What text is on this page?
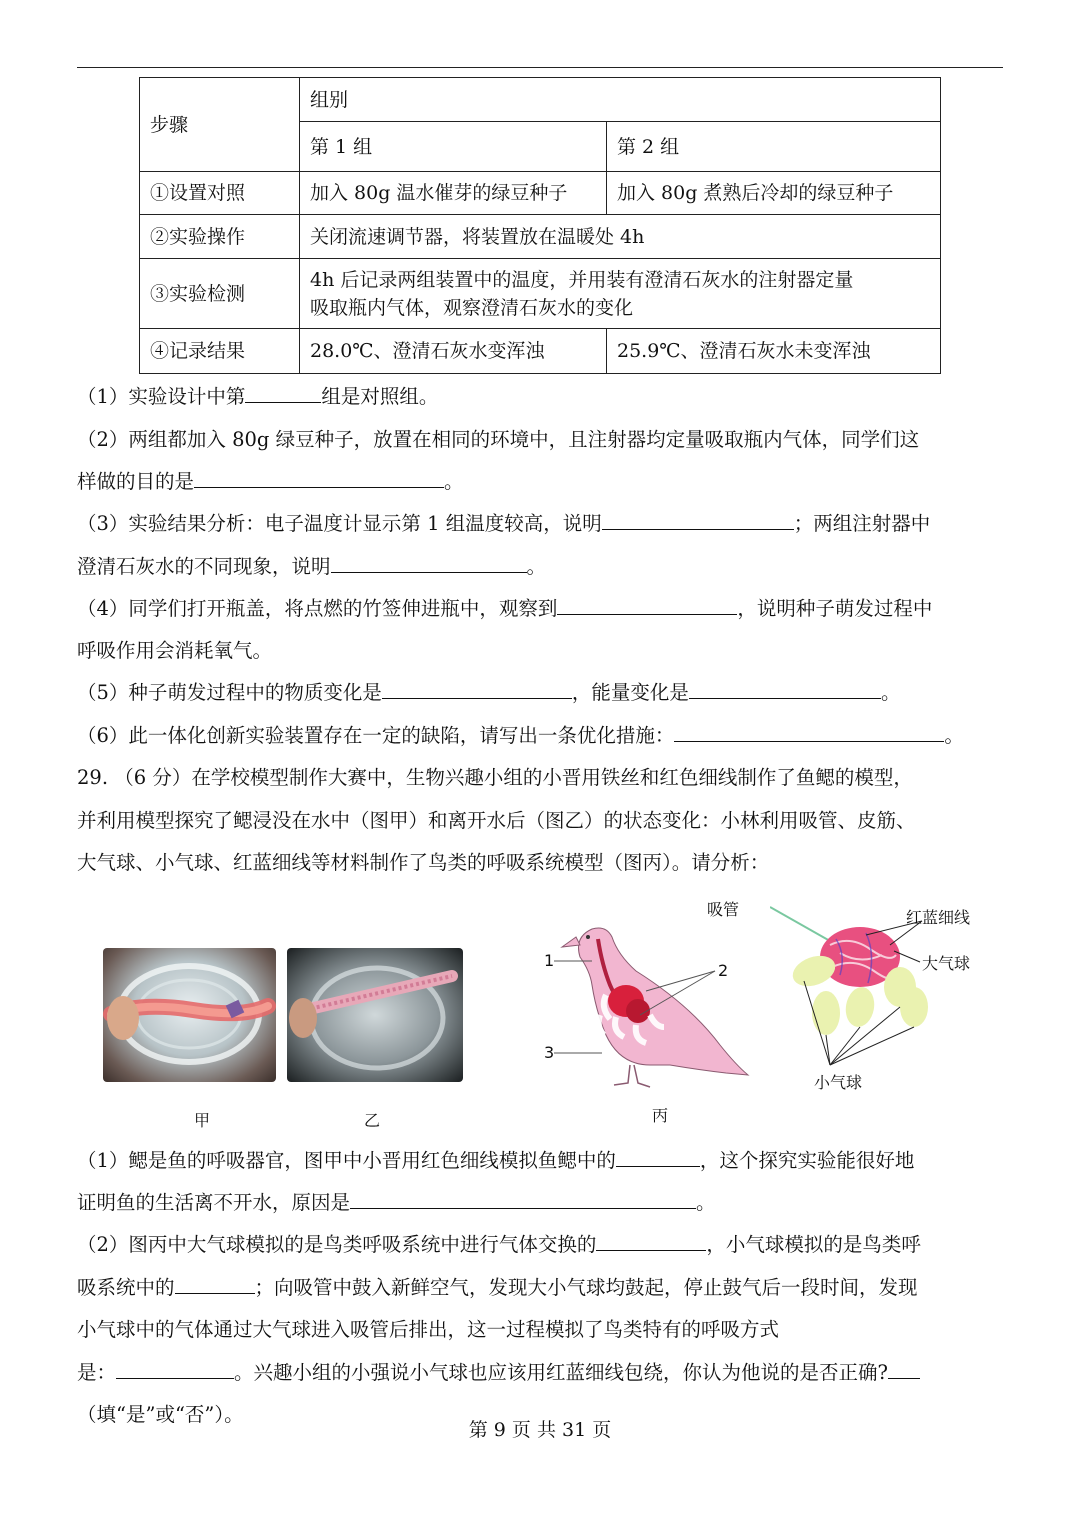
步骤	组别	
	第 1 组	第 2 组
①设置对照	加入 80g 温水催芽的绿豆种子	加入 80g 煮熟后冷却的绿豆种子
②实验操作	关闭流速调节器，将装置放在温暖处 4h	
③实验检测	4h 后记录两组装置中的温度，并用装有澄清石灰水的注射器定量
吸取瓶内气体，观察澄清石灰水的变化	

④记录结果	28.0℃、澄清石灰水变浑浊	25.9℃、澄清石灰水未变浑浊
（1）实验设计中第	组是对照组。
（2）两组都加入 80g 绿豆种子，放置在相同的环境中，且注射器均定量吸取瓶内气体，同学们这
样做的目的是	。
（3）实验结果分析：电子温度计显示第 1 组温度较高，说明	；两组注射器中
澄清石灰水的不同现象，说明	。
（4）同学们打开瓶盖，将点燃的竹签伸进瓶中，观察到	，说明种子萌发过程中
呼吸作用会消耗氧气。
（5）种子萌发过程中的物质变化是	，能量变化是	。
（6）此一体化创新实验装置存在一定的缺陷，请写出一条优化措施：	。
29. （6 分）在学校模型制作大赛中，生物兴趣小组的小晋用铁丝和红色细线制作了鱼鳃的模型，
并利用模型探究了鳃浸没在水中（图甲）和离开水后（图乙）的状态变化：小林利用吸管、皮筋、
大气球、小气球、红蓝细线等材料制作了鸟类的呼吸系统模型（图丙）。请分析：
甲	乙	丙
1
2
3
吸管	红蓝细线
大气球
小气球
（1）鳃是鱼的呼吸器官，图甲中小晋用红色细线模拟鱼鳃中的	，这个探究实验能很好地
证明鱼的生活离不开水，原因是	。
（2）图丙中大气球模拟的是鸟类呼吸系统中进行气体交换的	，小气球模拟的是鸟类呼
吸系统中的	；向吸管中鼓入新鲜空气，发现大小气球均鼓起，停止鼓气后一段时间，发现
小气球中的气体通过大气球进入吸管后排出，这一过程模拟了鸟类特有的呼吸方式
是：	。兴趣小组的小强说小气球也应该用红蓝细线包绕，你认为他说的是否正确?
（填“是”或“否”）。
第 9 页 共 31 页
